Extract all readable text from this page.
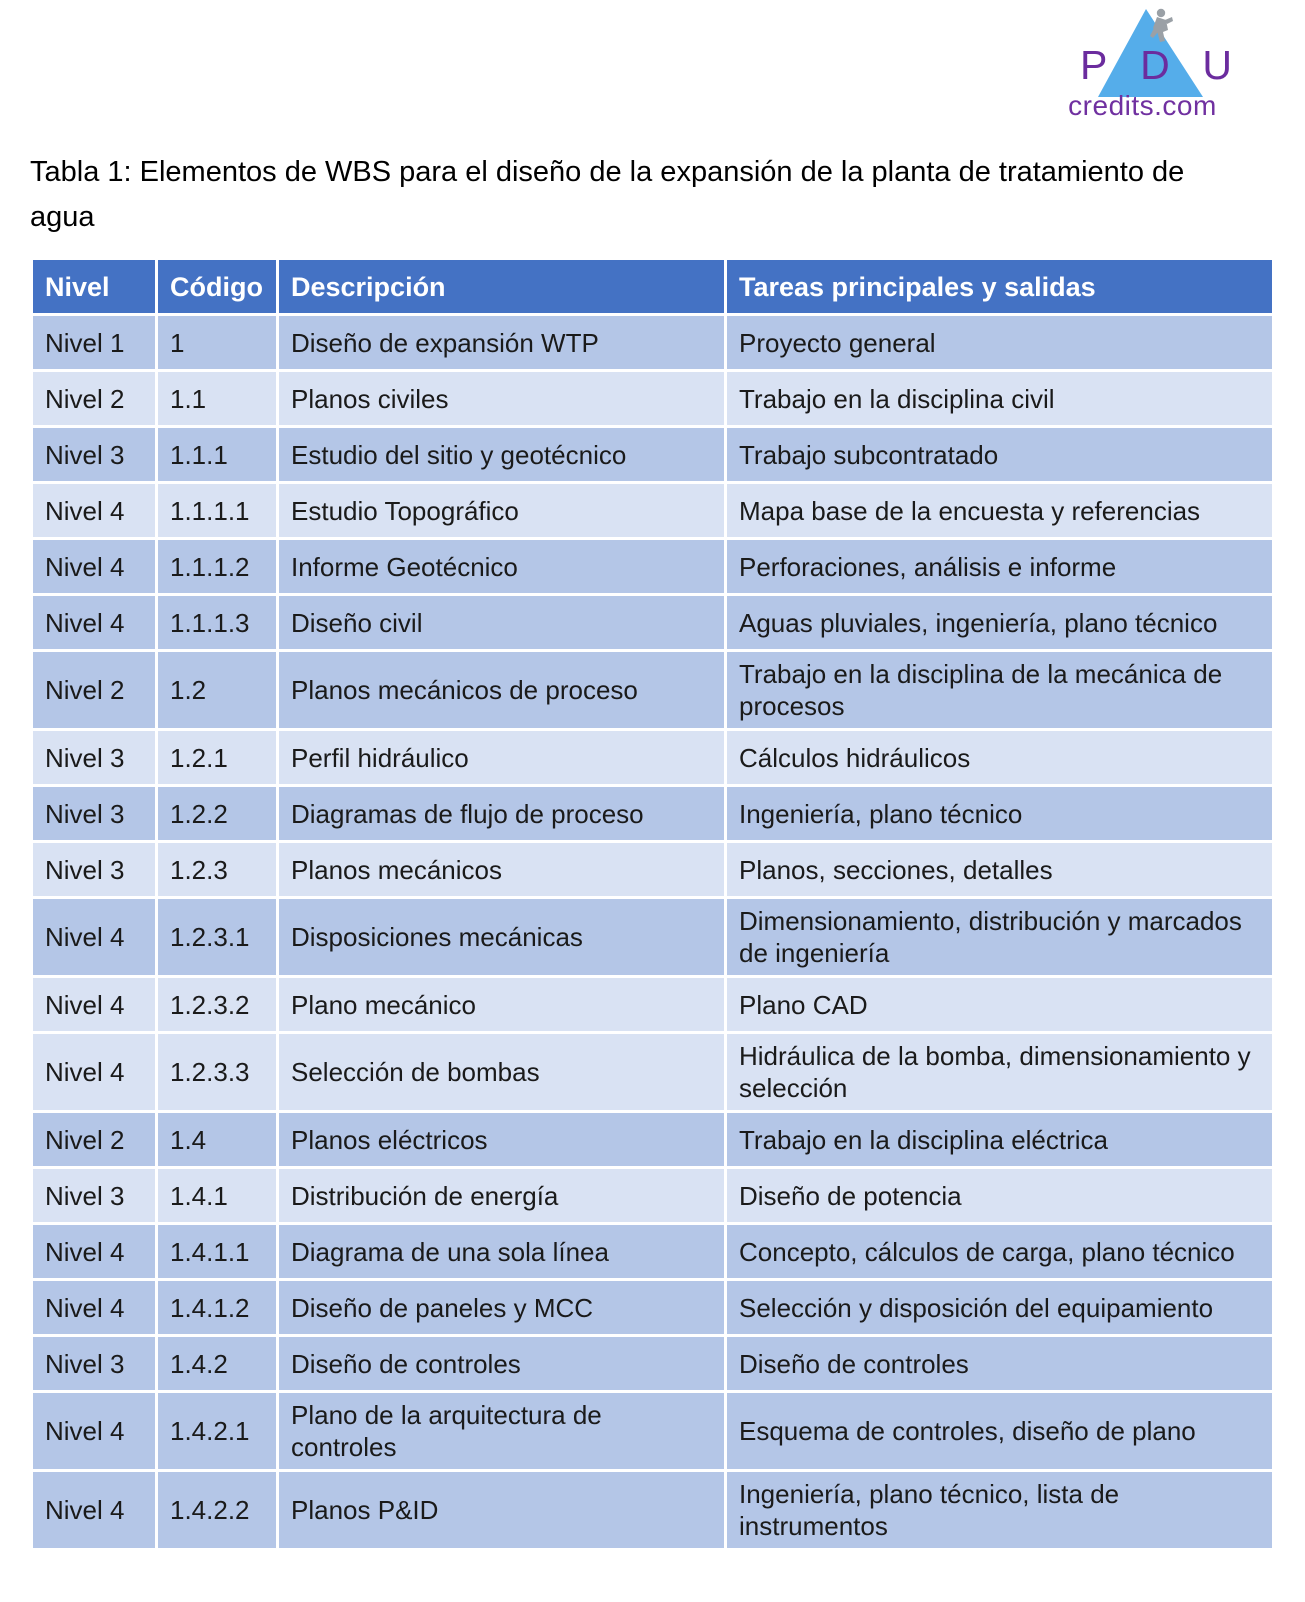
P D U
credits.com
Tabla 1: Elementos de WBS para el diseño de la expansión de la planta de tratamiento de agua
Nivel	Código	Descripción	Tareas principales y salidas
Nivel 1	1	Diseño de expansión WTP	Proyecto general
Nivel 2	1.1	Planos civiles	Trabajo en la disciplina civil
Nivel 3	1.1.1	Estudio del sitio y geotécnico	Trabajo subcontratado
Nivel 4	1.1.1.1	Estudio Topográfico	Mapa base de la encuesta y referencias
Nivel 4	1.1.1.2	Informe Geotécnico	Perforaciones, análisis e informe
Nivel 4	1.1.1.3	Diseño civil	Aguas pluviales, ingeniería, plano técnico
Nivel 2	1.2	Planos mecánicos de proceso	Trabajo en la disciplina de la mecánica de procesos
Nivel 3	1.2.1	Perfil hidráulico	Cálculos hidráulicos
Nivel 3	1.2.2	Diagramas de flujo de proceso	Ingeniería, plano técnico
Nivel 3	1.2.3	Planos mecánicos	Planos, secciones, detalles
Nivel 4	1.2.3.1	Disposiciones mecánicas	Dimensionamiento, distribución y marcados de ingeniería
Nivel 4	1.2.3.2	Plano mecánico	Plano CAD
Nivel 4	1.2.3.3	Selección de bombas	Hidráulica de la bomba, dimensionamiento y selección
Nivel 2	1.4	Planos eléctricos	Trabajo en la disciplina eléctrica
Nivel 3	1.4.1	Distribución de energía	Diseño de potencia
Nivel 4	1.4.1.1	Diagrama de una sola línea	Concepto, cálculos de carga, plano técnico
Nivel 4	1.4.1.2	Diseño de paneles y MCC	Selección y disposición del equipamiento
Nivel 3	1.4.2	Diseño de controles	Diseño de controles
Nivel 4	1.4.2.1	Plano de la arquitectura de controles	Esquema de controles, diseño de plano
Nivel 4	1.4.2.2	Planos P&ID	Ingeniería, plano técnico, lista de instrumentos
